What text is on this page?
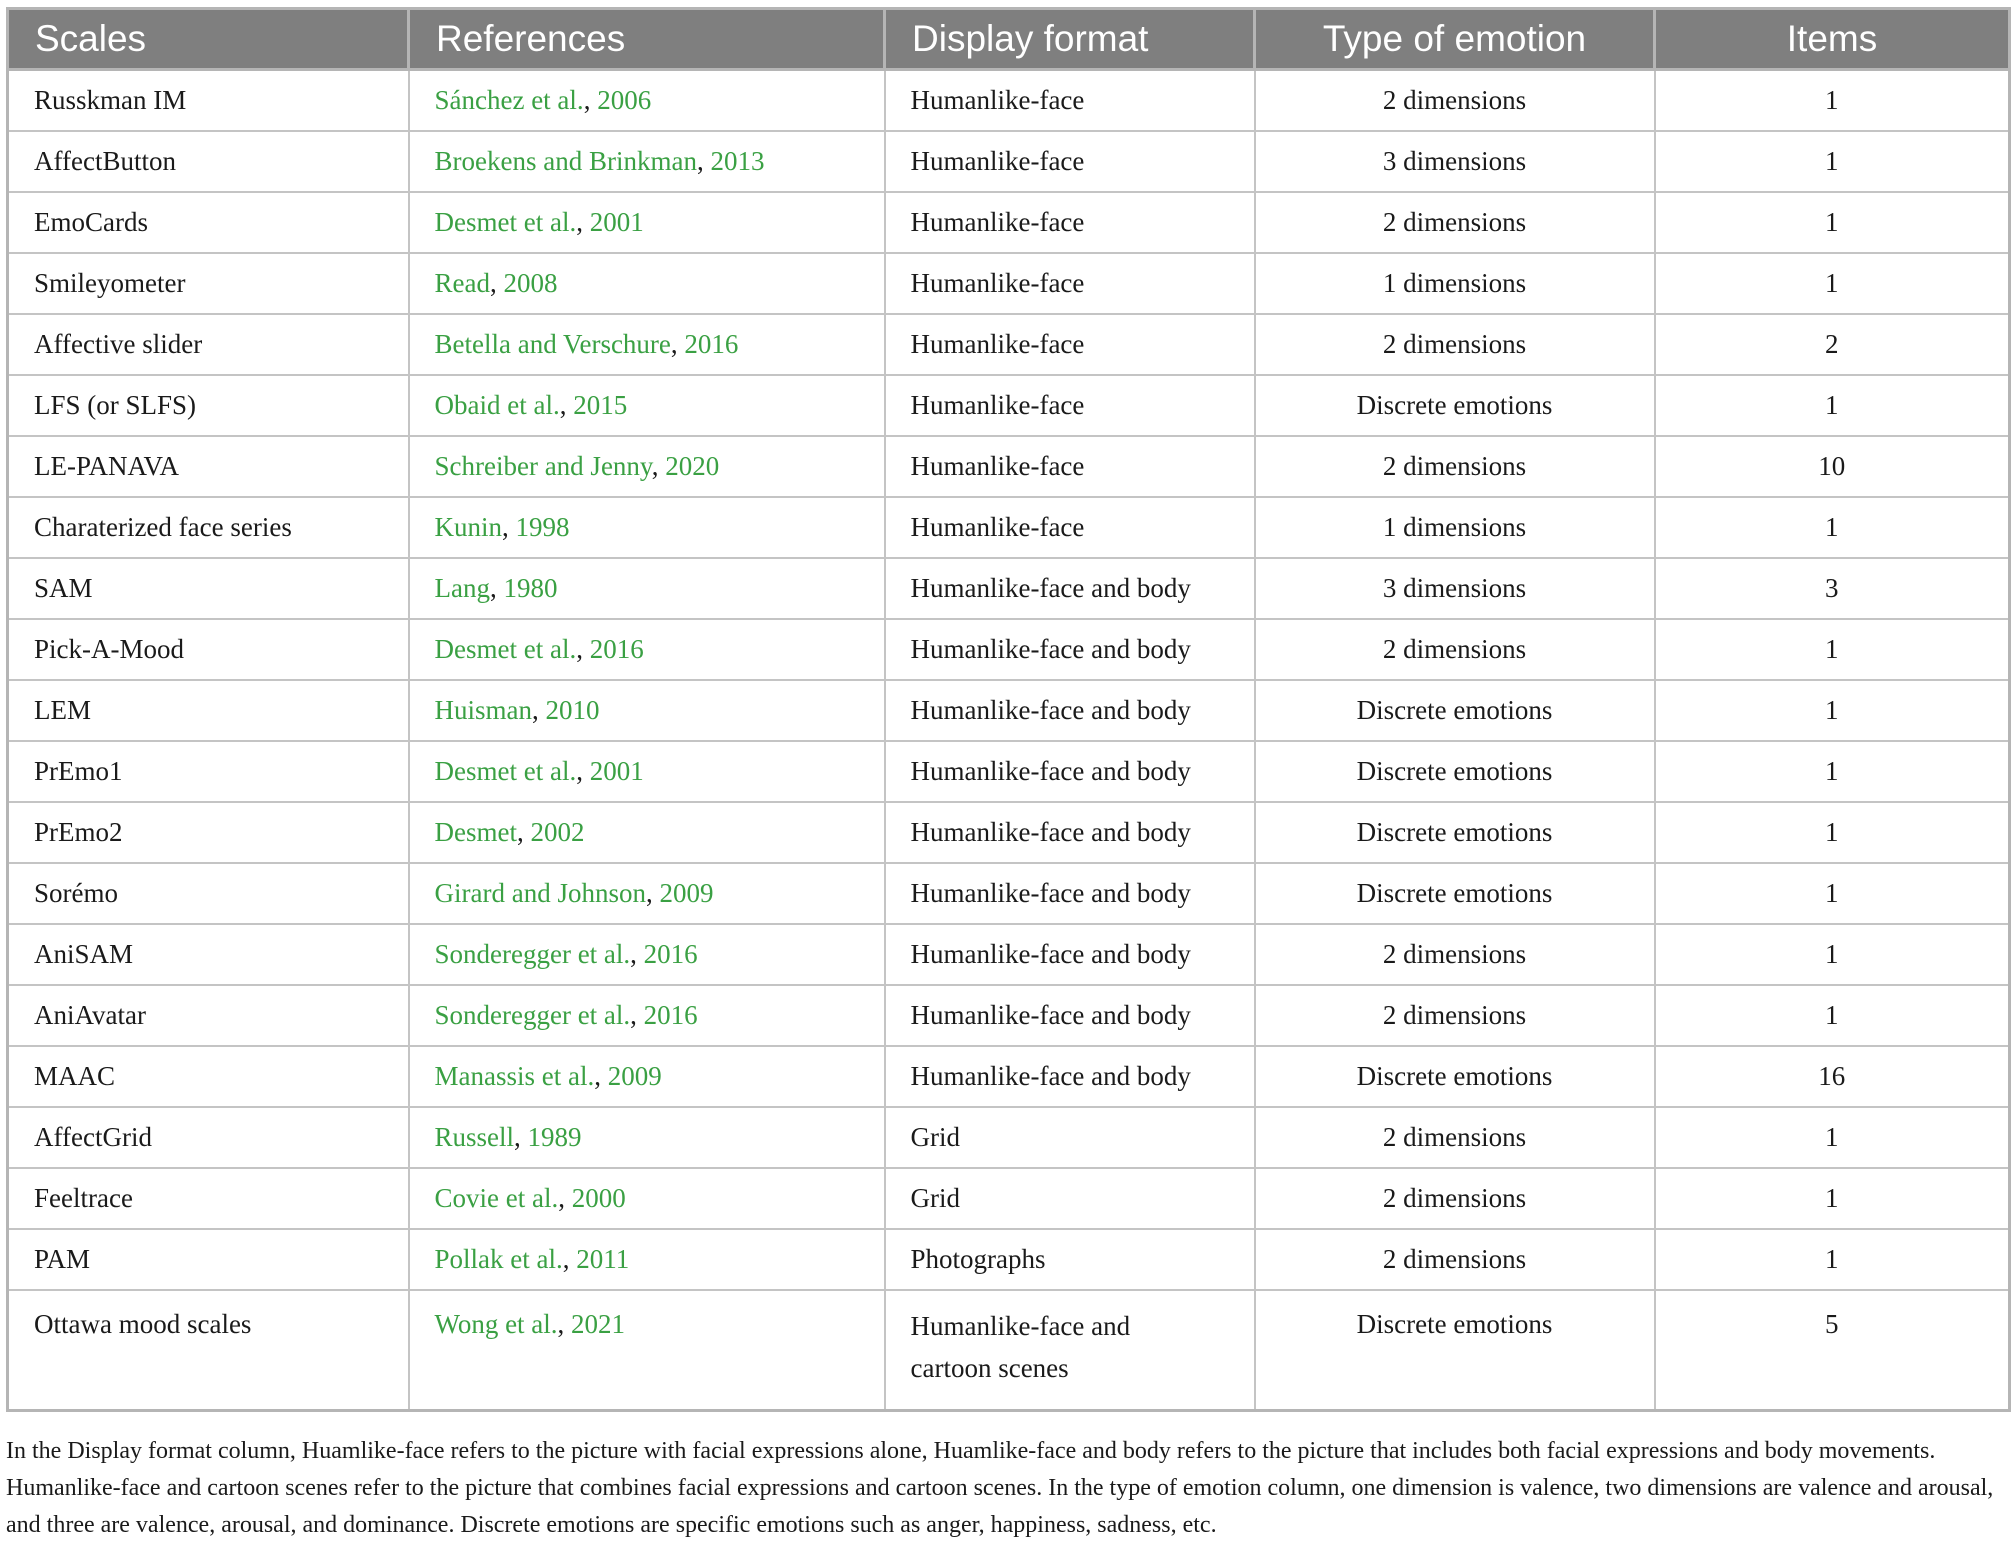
Scales	References	Display format	Type of emotion	Items
Russkman IM	Sánchez et al., 2006	Humanlike-face	2 dimensions	1
AffectButton	Broekens and Brinkman, 2013	Humanlike-face	3 dimensions	1
EmoCards	Desmet et al., 2001	Humanlike-face	2 dimensions	1
Smileyometer	Read, 2008	Humanlike-face	1 dimensions	1
Affective slider	Betella and Verschure, 2016	Humanlike-face	2 dimensions	2
LFS (or SLFS)	Obaid et al., 2015	Humanlike-face	Discrete emotions	1
LE-PANAVA	Schreiber and Jenny, 2020	Humanlike-face	2 dimensions	10
Charaterized face series	Kunin, 1998	Humanlike-face	1 dimensions	1
SAM	Lang, 1980	Humanlike-face and body	3 dimensions	3
Pick-A-Mood	Desmet et al., 2016	Humanlike-face and body	2 dimensions	1
LEM	Huisman, 2010	Humanlike-face and body	Discrete emotions	1
PrEmo1	Desmet et al., 2001	Humanlike-face and body	Discrete emotions	1
PrEmo2	Desmet, 2002	Humanlike-face and body	Discrete emotions	1
Sorémo	Girard and Johnson, 2009	Humanlike-face and body	Discrete emotions	1
AniSAM	Sonderegger et al., 2016	Humanlike-face and body	2 dimensions	1
AniAvatar	Sonderegger et al., 2016	Humanlike-face and body	2 dimensions	1
MAAC	Manassis et al., 2009	Humanlike-face and body	Discrete emotions	16
AffectGrid	Russell, 1989	Grid	2 dimensions	1
Feeltrace	Covie et al., 2000	Grid	2 dimensions	1
PAM	Pollak et al., 2011	Photographs	2 dimensions	1
Ottawa mood scales	Wong et al., 2021	Humanlike-face and cartoon scenes	Discrete emotions	5
In the Display format column, Huamlike-face refers to the picture with facial expressions alone, Huamlike-face and body refers to the picture that includes both facial expressions and body movements. Humanlike-face and cartoon scenes refer to the picture that combines facial expressions and cartoon scenes. In the type of emotion column, one dimension is valence, two dimensions are valence and arousal, and three are valence, arousal, and dominance. Discrete emotions are specific emotions such as anger, happiness, sadness, etc.
